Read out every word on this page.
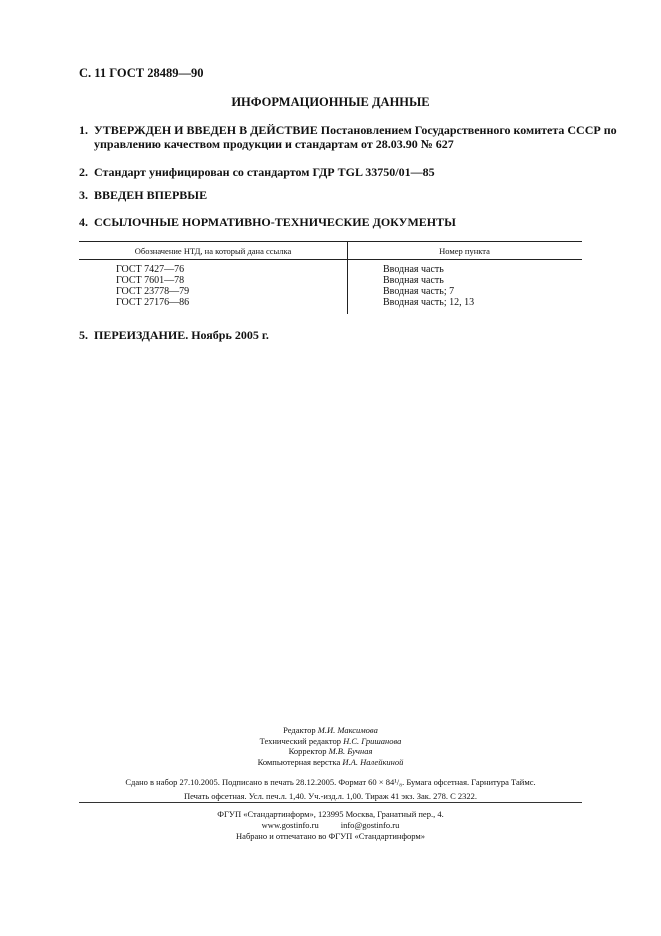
С. 11 ГОСТ 28489—90
ИНФОРМАЦИОННЫЕ ДАННЫЕ
1. УТВЕРЖДЕН И ВВЕДЕН В ДЕЙСТВИЕ Постановлением Государственного комитета СССР по
управлению качеством продукции и стандартам от 28.03.90 № 627
2. Стандарт унифицирован со стандартом ГДР TGL 33750/01—85
3. ВВЕДЕН ВПЕРВЫЕ
4. ССЫЛОЧНЫЕ НОРМАТИВНО-ТЕХНИЧЕСКИЕ ДОКУМЕНТЫ
Обозначение НТД, на который дана ссылка	Номер пункта
ГОСТ 7427—76
ГОСТ 7601—78
ГОСТ 23778—79
ГОСТ 27176—86
Вводная часть
Вводная часть
Вводная часть; 7
Вводная часть; 12, 13
5. ПЕРЕИЗДАНИЕ. Ноябрь 2005 г.
Редактор М.И. Максимова
Технический редактор Н.С. Гришанова
Корректор М.В. Бучная
Компьютерная верстка И.А. Налейкиной
Сдано в набор 27.10.2005. Подписано в печать 28.12.2005. Формат 60 × 84¹/₈. Бумага офсетная. Гарнитура Таймс.
Печать офсетная. Усл. печ.л. 1,40. Уч.-изд.л. 1,00. Тираж 41 экз. Зак. 278. С 2322.
ФГУП «Стандартинформ», 123995 Москва, Гранатный пер., 4.
www.gostinfo.ru	info@gostinfo.ru
Набрано и отпечатано во ФГУП «Стандартинформ»
